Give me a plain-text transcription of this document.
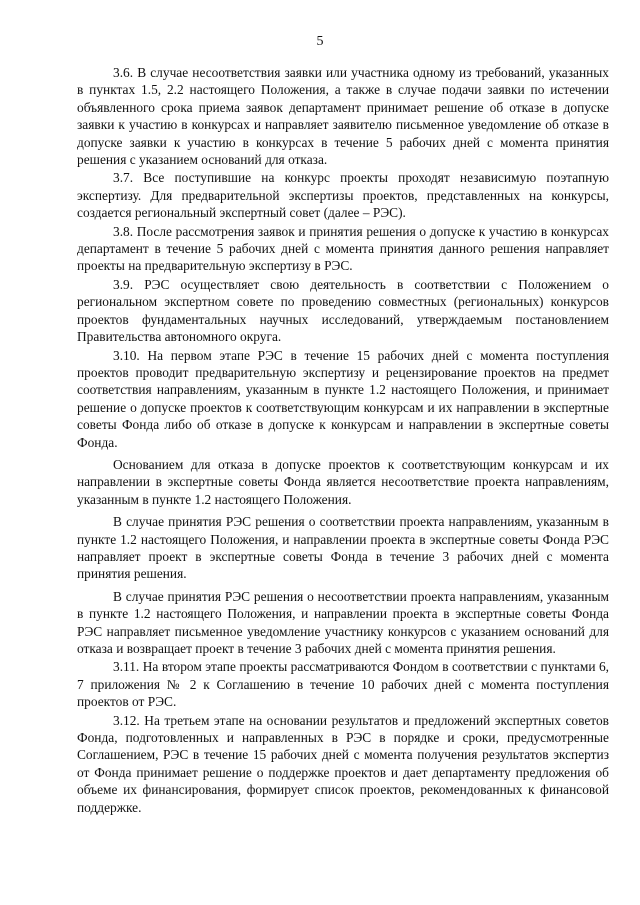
5

3.6. В случае несоответствия заявки или участника одному из требований, указанных в пунктах 1.5, 2.2 настоящего Положения, а также в случае подачи заявки по истечении объявленного срока приема заявок департамент принимает решение об отказе в допуске заявки к участию в конкурсах и направляет заявителю письменное уведомление об отказе в допуске заявки к участию в конкурсах в течение 5 рабочих дней с момента принятия решения с указанием оснований для отказа.

3.7. Все поступившие на конкурс проекты проходят независимую поэтапную экспертизу. Для предварительной экспертизы проектов, представленных на конкурсы, создается региональный экспертный совет (далее – РЭС).

3.8. После рассмотрения заявок и принятия решения о допуске к участию в конкурсах департамент в течение 5 рабочих дней с момента принятия данного решения направляет проекты на предварительную экспертизу в РЭС.

3.9. РЭС осуществляет свою деятельность в соответствии с Положением о региональном экспертном совете по проведению совместных (региональных) конкурсов проектов фундаментальных научных исследований, утверждаемым постановлением Правительства автономного округа.

3.10. На первом этапе РЭС в течение 15 рабочих дней с момента поступления проектов проводит предварительную экспертизу и рецензирование проектов на предмет соответствия направлениям, указанным в пункте 1.2 настоящего Положения, и принимает решение о допуске проектов к соответствующим конкурсам и их направлении в экспертные советы Фонда либо об отказе в допуске к конкурсам и направлении в экспертные советы Фонда.

Основанием для отказа в допуске проектов к соответствующим конкурсам и их направлении в экспертные советы Фонда является несоответствие проекта направлениям, указанным в пункте 1.2 настоящего Положения.

В случае принятия РЭС решения о соответствии проекта направлениям, указанным в пункте 1.2 настоящего Положения, и направлении проекта в экспертные советы Фонда РЭС направляет проект в экспертные советы Фонда в течение 3 рабочих дней с момента принятия решения.

В случае принятия РЭС решения о несоответствии проекта направлениям, указанным в пункте 1.2 настоящего Положения, и направлении проекта в экспертные советы Фонда РЭС направляет письменное уведомление участнику конкурсов с указанием оснований для отказа и возвращает проект в течение 3 рабочих дней с момента принятия решения.

3.11. На втором этапе проекты рассматриваются Фондом в соответствии с пунктами 6, 7 приложения № 2 к Соглашению в течение 10 рабочих дней с момента поступления проектов от РЭС.

3.12. На третьем этапе на основании результатов и предложений экспертных советов Фонда, подготовленных и направленных в РЭС в порядке и сроки, предусмотренные Соглашением, РЭС в течение 15 рабочих дней с момента получения результатов экспертиз от Фонда принимает решение о поддержке проектов и дает департаменту предложения об объеме их финансирования, формирует список проектов, рекомендованных к финансовой поддержке.
